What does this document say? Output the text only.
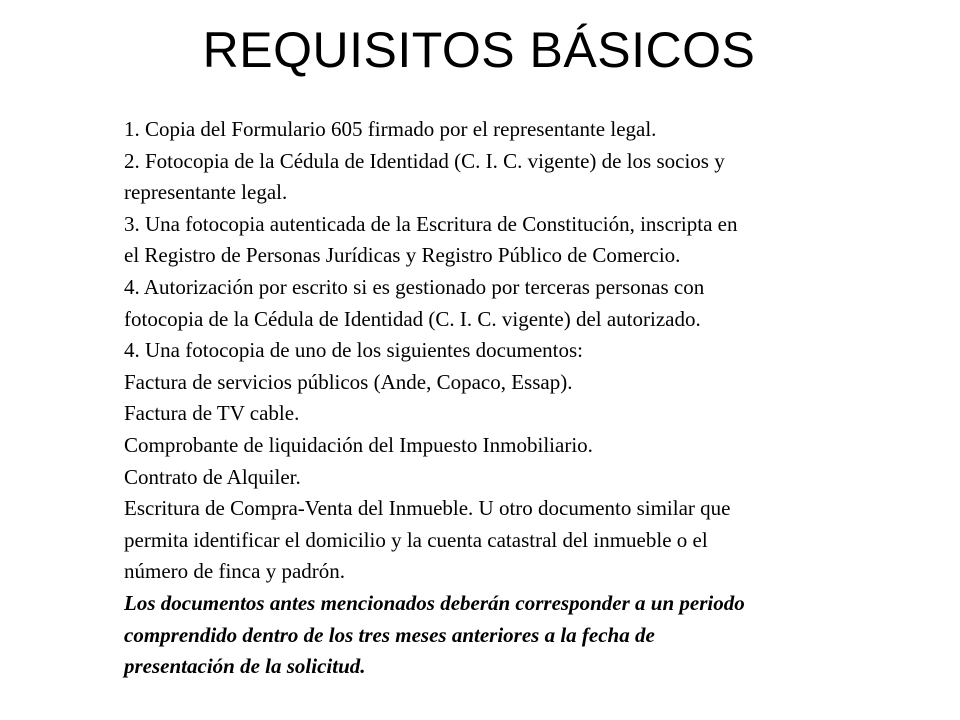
REQUISITOS BÁSICOS
1. Copia del Formulario 605 firmado por el representante legal.
2. Fotocopia de la Cédula de Identidad (C. I. C. vigente) de los socios y
representante legal.
3. Una fotocopia autenticada de la Escritura de Constitución, inscripta en
el Registro de Personas Jurídicas y Registro Público de Comercio.
4. Autorización por escrito si es gestionado por terceras personas con
fotocopia de la Cédula de Identidad (C. I. C. vigente) del autorizado.
4. Una fotocopia de uno de los siguientes documentos:
Factura de servicios públicos (Ande, Copaco, Essap).
Factura de TV cable.
Comprobante de liquidación del Impuesto Inmobiliario.
Contrato de Alquiler.
Escritura de Compra-Venta del Inmueble. U otro documento similar que
permita identificar el domicilio y la cuenta catastral del inmueble o el
número de finca y padrón.
Los documentos antes mencionados deberán corresponder a un periodo
comprendido dentro de los tres meses anteriores a la fecha de
presentación de la solicitud.
